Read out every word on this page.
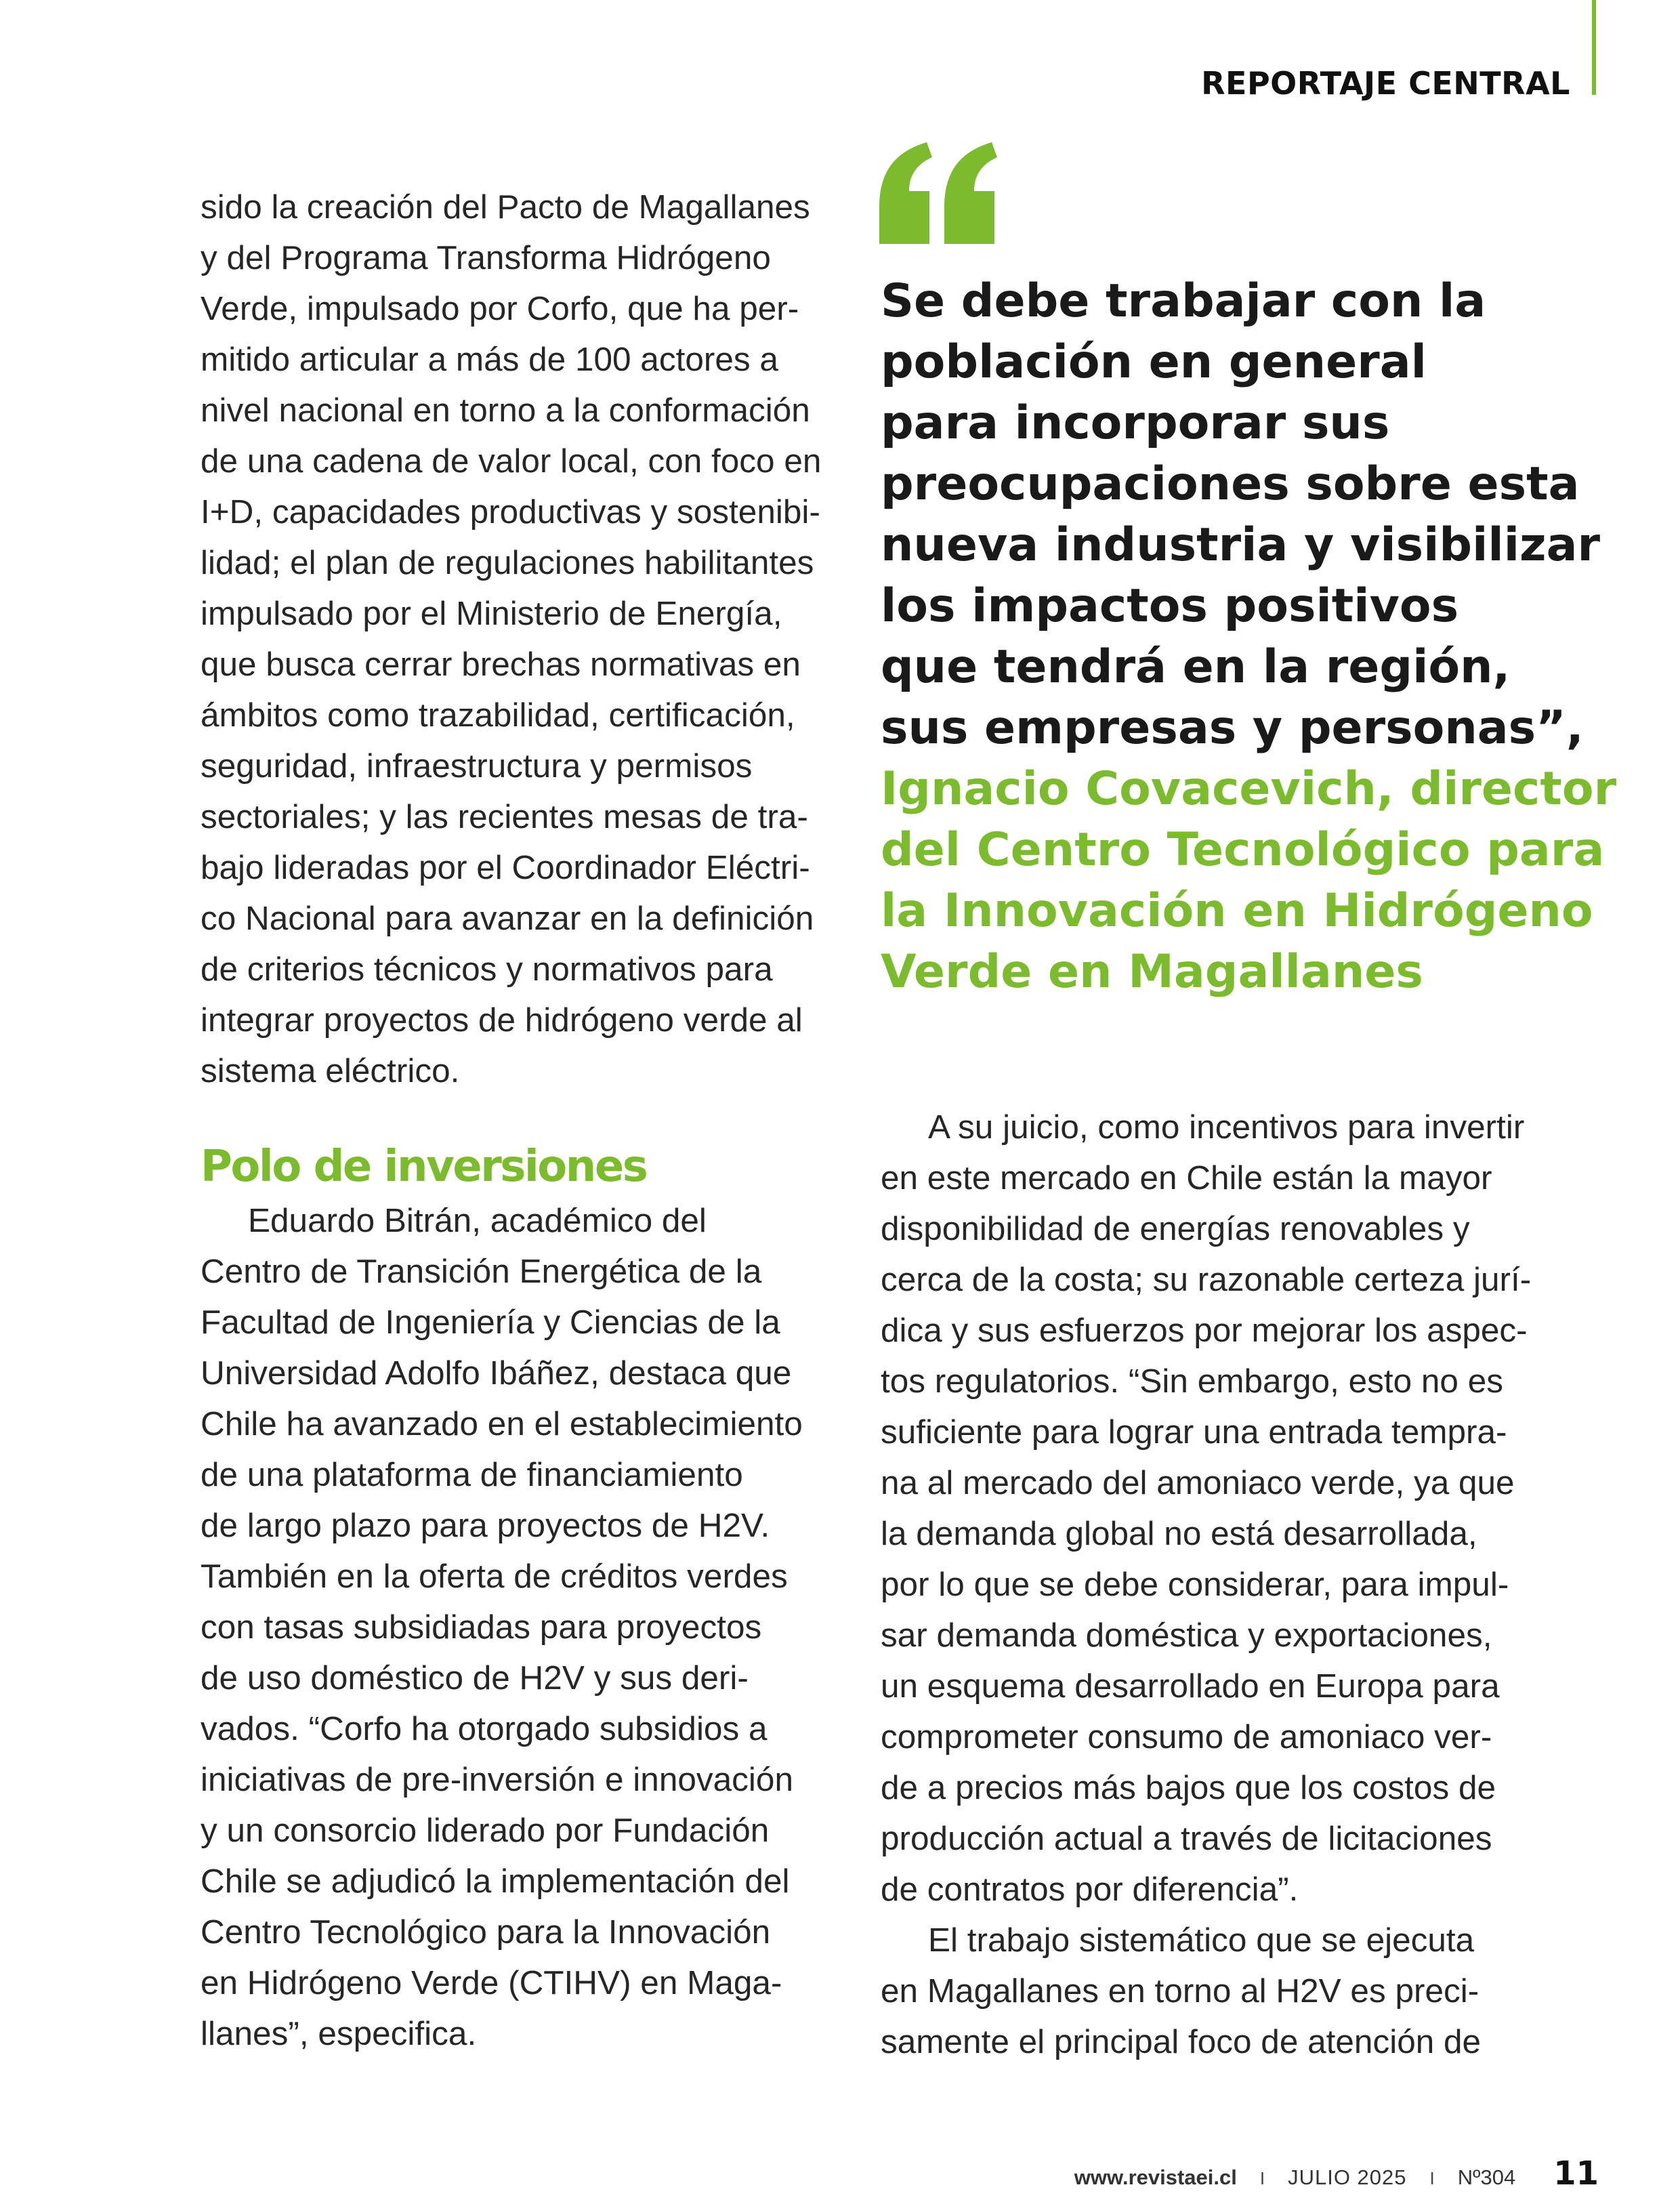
REPORTAJE CENTRAL

sido la creación del Pacto de Magallanes
y del Programa Transforma Hidrógeno
Verde, impulsado por Corfo, que ha per-
mitido articular a más de 100 actores a
nivel nacional en torno a la conformación
de una cadena de valor local, con foco en
I+D, capacidades productivas y sostenibi-
lidad; el plan de regulaciones habilitantes
impulsado por el Ministerio de Energía,
que busca cerrar brechas normativas en
ámbitos como trazabilidad, certificación,
seguridad, infraestructura y permisos
sectoriales; y las recientes mesas de tra-
bajo lideradas por el Coordinador Eléctri-
co Nacional para avanzar en la definición
de criterios técnicos y normativos para
integrar proyectos de hidrógeno verde al
sistema eléctrico.

Polo de inversiones

Eduardo Bitrán, académico del
Centro de Transición Energética de la
Facultad de Ingeniería y Ciencias de la
Universidad Adolfo Ibáñez, destaca que
Chile ha avanzado en el establecimiento
de una plataforma de financiamiento
de largo plazo para proyectos de H2V.
También en la oferta de créditos verdes
con tasas subsidiadas para proyectos
de uso doméstico de H2V y sus deri-
vados. “Corfo ha otorgado subsidios a
iniciativas de pre-inversión e innovación
y un consorcio liderado por Fundación
Chile se adjudicó la implementación del
Centro Tecnológico para la Innovación
en Hidrógeno Verde (CTIHV) en Maga-
llanes”, especifica.

Se debe trabajar con la
población en general
para incorporar sus
preocupaciones sobre esta
nueva industria y visibilizar
los impactos positivos
que tendrá en la región,
sus empresas y personas”,
Ignacio Covacevich, director
del Centro Tecnológico para
la Innovación en Hidrógeno
Verde en Magallanes

A su juicio, como incentivos para invertir
en este mercado en Chile están la mayor
disponibilidad de energías renovables y
cerca de la costa; su razonable certeza jurí-
dica y sus esfuerzos por mejorar los aspec-
tos regulatorios. “Sin embargo, esto no es
suficiente para lograr una entrada tempra-
na al mercado del amoniaco verde, ya que
la demanda global no está desarrollada,
por lo que se debe considerar, para impul-
sar demanda doméstica y exportaciones,
un esquema desarrollado en Europa para
comprometer consumo de amoniaco ver-
de a precios más bajos que los costos de
producción actual a través de licitaciones
de contratos por diferencia”.

El trabajo sistemático que se ejecuta
en Magallanes en torno al H2V es preci-
samente el principal foco de atención de

www.revistaei.cl I JULIO 2025 I Nº304 11
